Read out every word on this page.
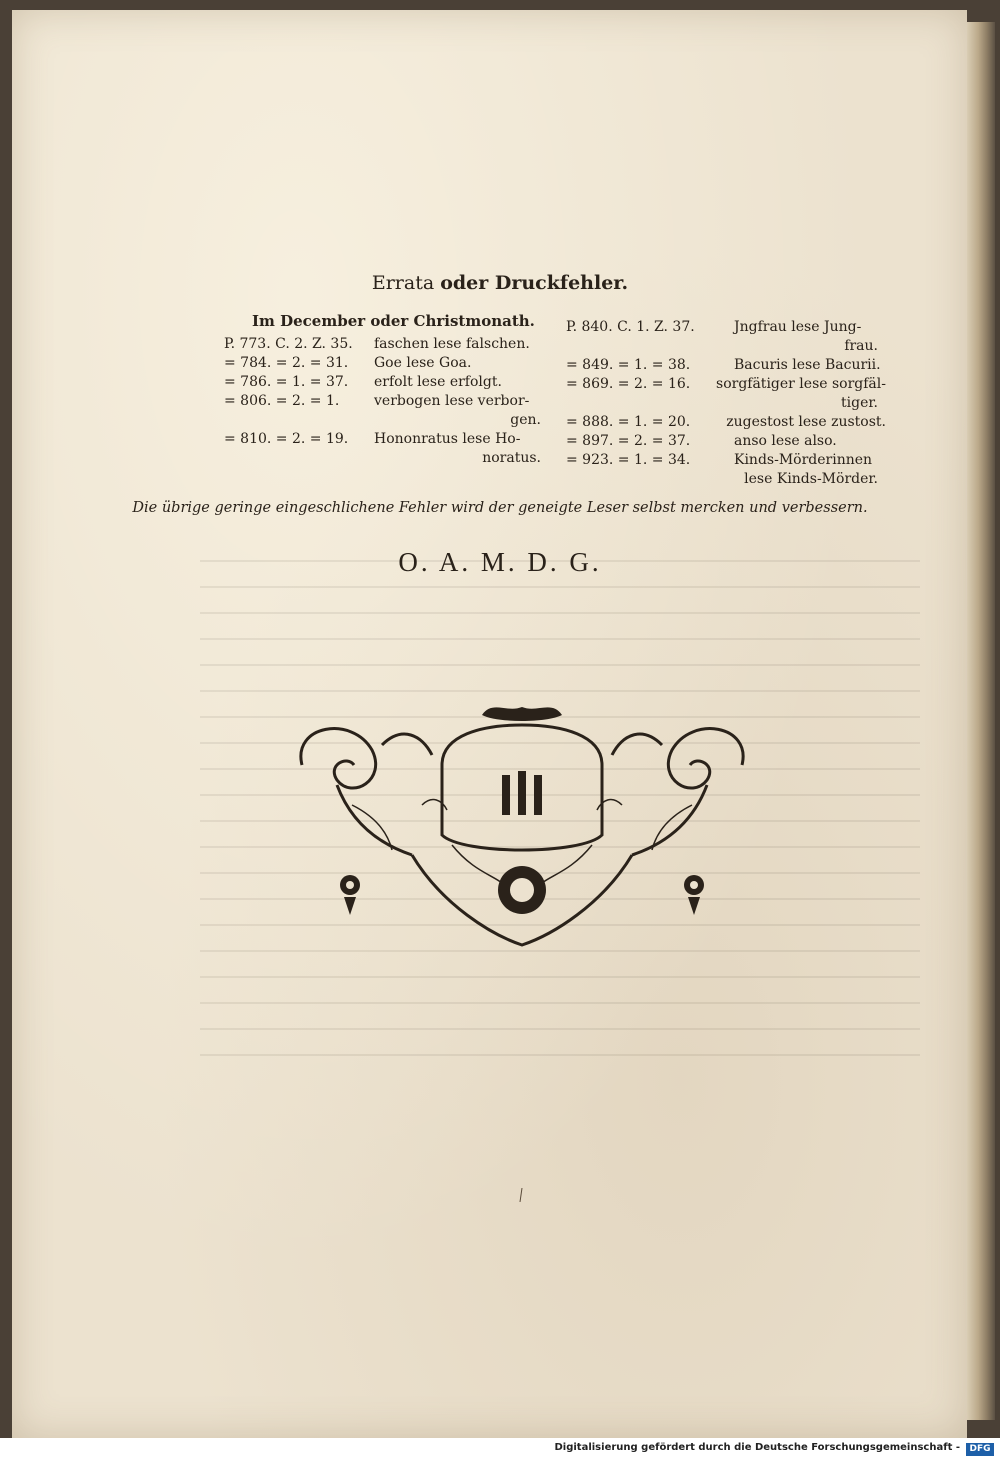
Errata oder Druckfehler.
Im December oder Christmonath.
P. 773. C. 2. Z. 35.	faschen lese falschen.
= 784. = 2. = 31.	Goe lese Goa.
= 786. = 1. = 37.	erfolt lese erfolgt.
= 806. = 2. = 1.	verbogen lese verbor-
gen.
= 810. = 2. = 19.	Hononratus lese Ho-
noratus.
P. 840. C. 1. Z. 37.	Jngfrau lese Jung-
frau.
= 849. = 1. = 38.	Bacuris lese Bacurii.
= 869. = 2. = 16.	sorgfätiger lese sorgfäl-
tiger.
= 888. = 1. = 20.	zugestost lese zustost.
= 897. = 2. = 37.	anso lese also.
= 923. = 1. = 34.	Kinds-Mörderinnen
lese Kinds-Mörder.
Die übrige geringe eingeschlichene Fehler wird der geneigte Leser selbst mercken und verbessern.
O. A. M. D. G.
Digitalisierung gefördert durch die Deutsche Forschungsgemeinschaft -	DFG
